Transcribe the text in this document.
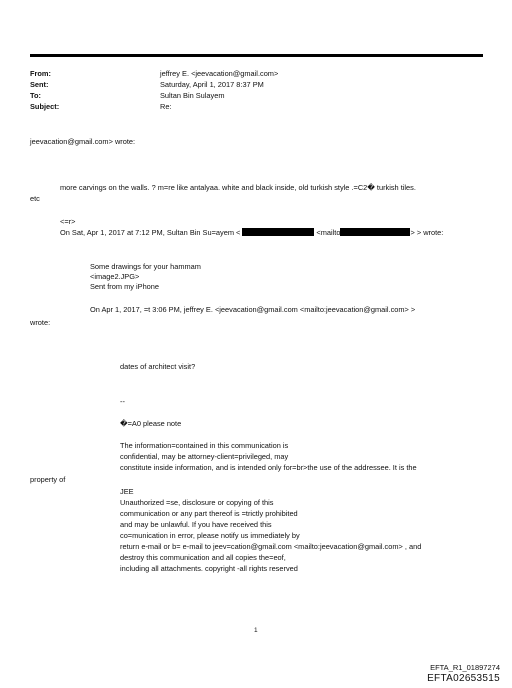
From:	jeffrey E. <jeevacation@gmail.com>
Sent:	Saturday, April 1, 2017 8:37 PM
To:	Sultan Bin Sulayem
Subject:	Re:
jeevacation@gmail.com> wrote:
more carvings on the walls. ? m=re like antalyaa. white and black inside, old turkish style .=C2� turkish tiles.
etc
<=r>
On Sat, Apr 1, 2017 at 7:12 PM, Sultan Bin Su=ayem <	<mailto	> > wrote:
Some drawings for your hammam
<image2.JPG>
Sent from my iPhone
On Apr 1, 2017, =t 3:06 PM, jeffrey E. <jeevacation@gmail.com <mailto:jeevacation@gmail.com> >
wrote:
dates of architect visit?
--
�=A0 please note
The information=contained in this communication is
confidential, may be attorney-client=privileged, may
constitute inside information, and is intended only for=br>the use of the addressee. It is the
property of
JEE
Unauthorized =se, disclosure or copying of this
communication or any part thereof is =trictly prohibited
and may be unlawful. If you have received this
co=munication in error, please notify us immediately by
return e-mail or b= e-mail to jeev=cation@gmail.com <mailto:jeevacation@gmail.com> , and
destroy this communication and all copies the=eof,
including all attachments. copyright -all rights reserved
1
EFTA_R1_01897274
EFTA02653515
